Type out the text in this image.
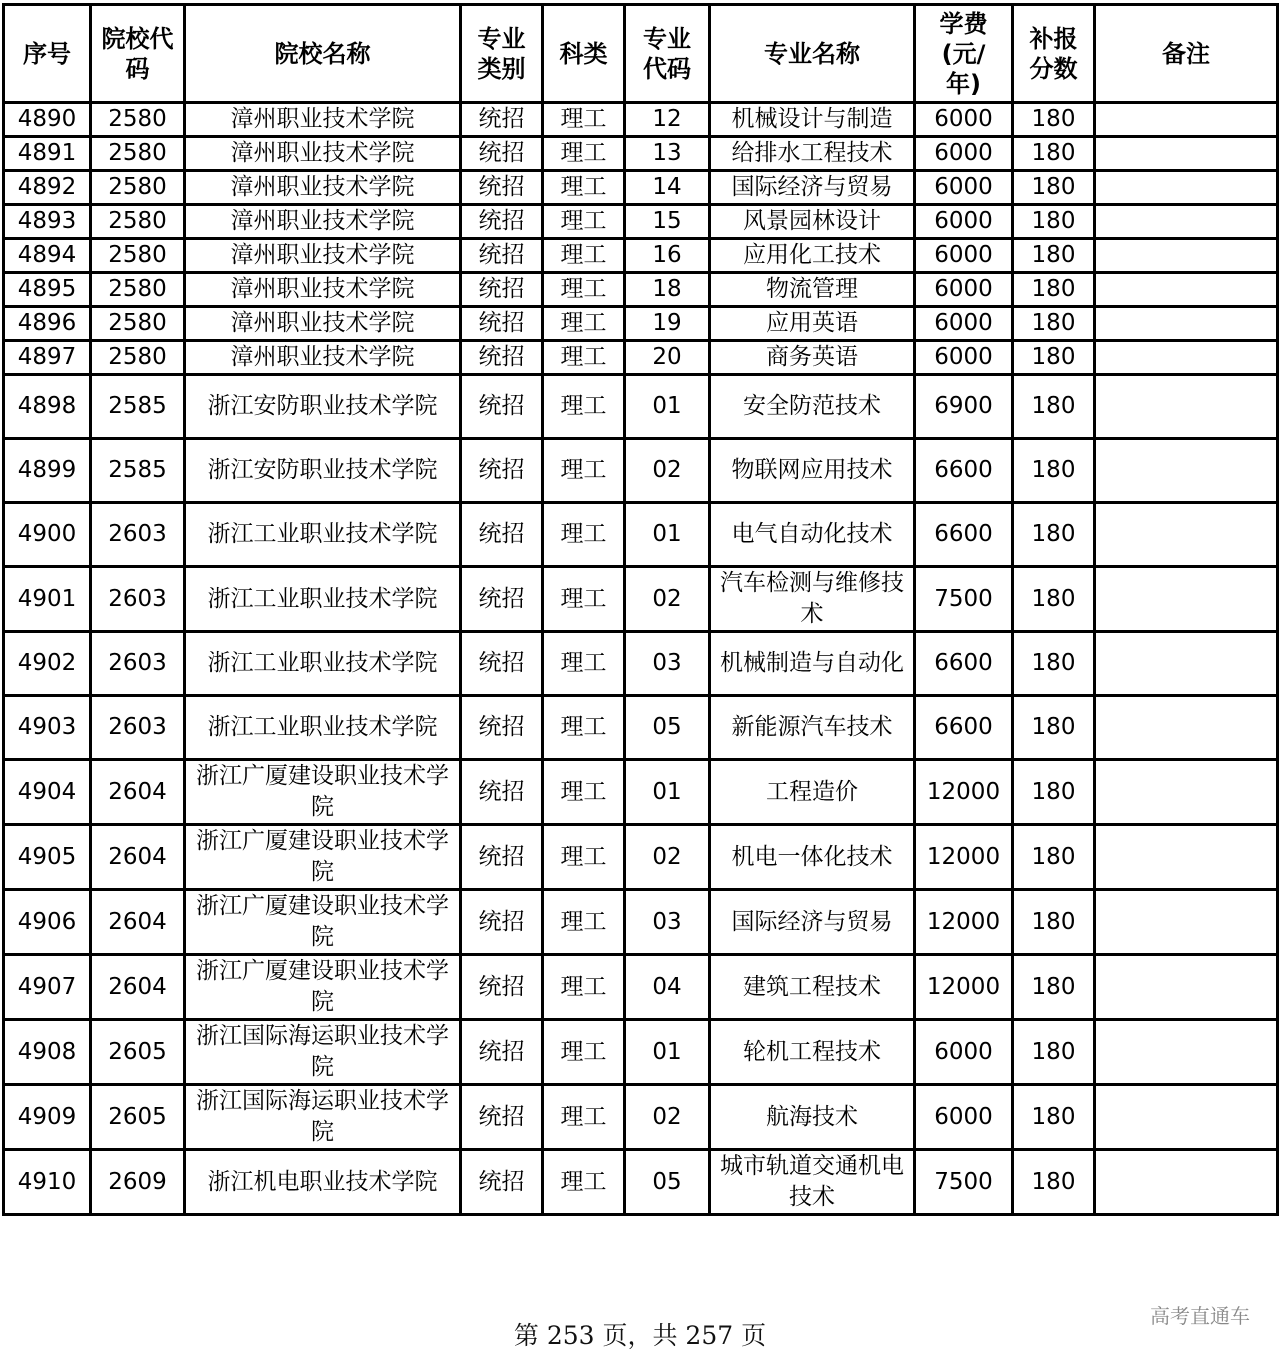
序号	院校代码	院校名称	专业类别	科类	专业代码	专业名称	学费(元/年)	补报分数	备注
4890	2580	漳州职业技术学院	统招	理工	12	机械设计与制造	6000	180	
4891	2580	漳州职业技术学院	统招	理工	13	给排水工程技术	6000	180	
4892	2580	漳州职业技术学院	统招	理工	14	国际经济与贸易	6000	180	
4893	2580	漳州职业技术学院	统招	理工	15	风景园林设计	6000	180	
4894	2580	漳州职业技术学院	统招	理工	16	应用化工技术	6000	180	
4895	2580	漳州职业技术学院	统招	理工	18	物流管理	6000	180	
4896	2580	漳州职业技术学院	统招	理工	19	应用英语	6000	180	
4897	2580	漳州职业技术学院	统招	理工	20	商务英语	6000	180	
4898	2585	浙江安防职业技术学院	统招	理工	01	安全防范技术	6900	180	
4899	2585	浙江安防职业技术学院	统招	理工	02	物联网应用技术	6600	180	
4900	2603	浙江工业职业技术学院	统招	理工	01	电气自动化技术	6600	180	
4901	2603	浙江工业职业技术学院	统招	理工	02	汽车检测与维修技术	7500	180	
4902	2603	浙江工业职业技术学院	统招	理工	03	机械制造与自动化	6600	180	
4903	2603	浙江工业职业技术学院	统招	理工	05	新能源汽车技术	6600	180	
4904	2604	浙江广厦建设职业技术学院	统招	理工	01	工程造价	12000	180	
4905	2604	浙江广厦建设职业技术学院	统招	理工	02	机电一体化技术	12000	180	
4906	2604	浙江广厦建设职业技术学院	统招	理工	03	国际经济与贸易	12000	180	
4907	2604	浙江广厦建设职业技术学院	统招	理工	04	建筑工程技术	12000	180	
4908	2605	浙江国际海运职业技术学院	统招	理工	01	轮机工程技术	6000	180	
4909	2605	浙江国际海运职业技术学院	统招	理工	02	航海技术	6000	180	
4910	2609	浙江机电职业技术学院	统招	理工	05	城市轨道交通机电技术	7500	180	
第 253 页，共 257 页
高考直通车
